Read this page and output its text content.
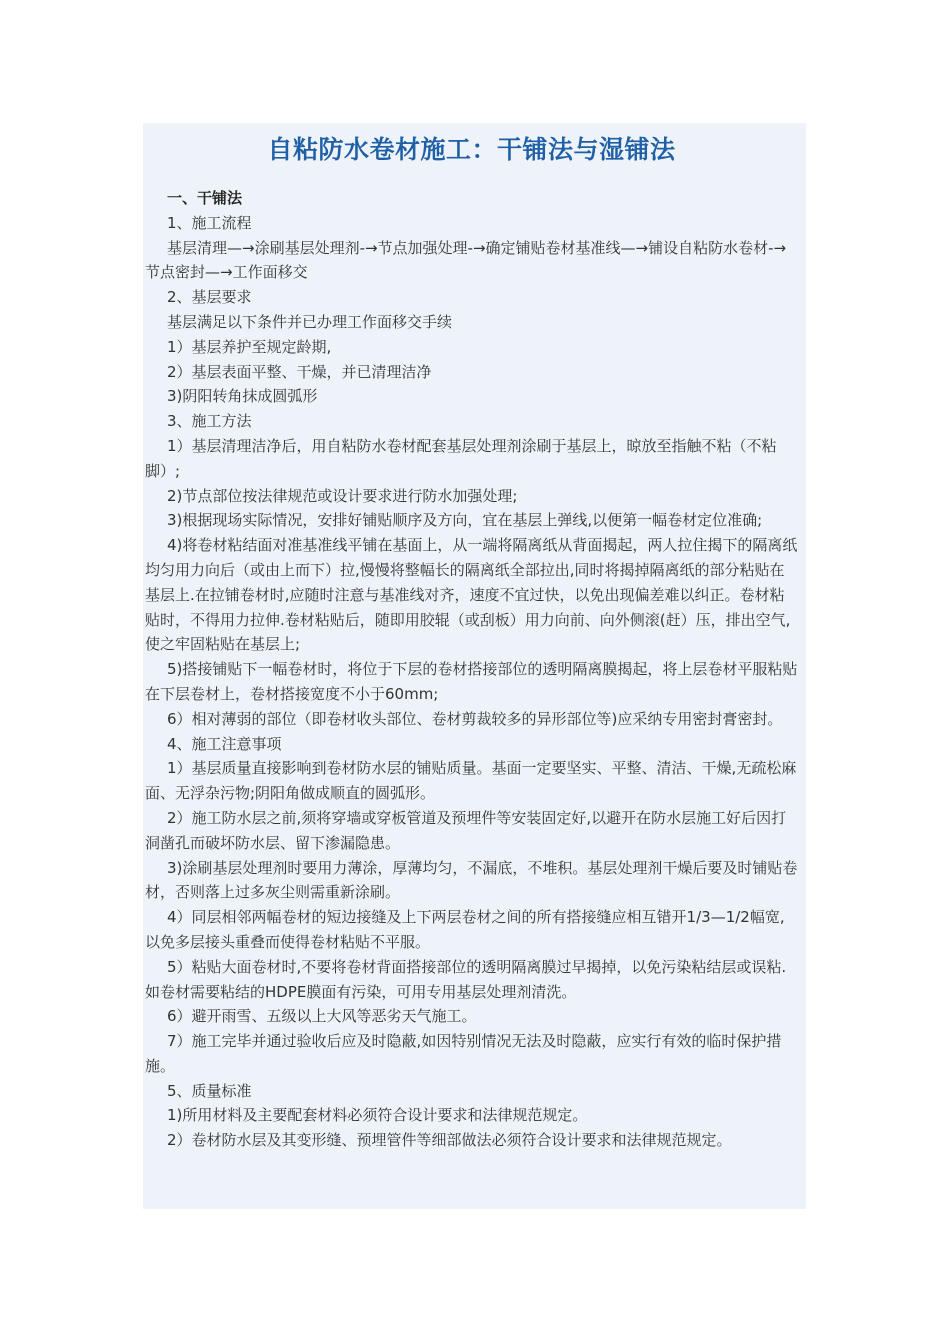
自粘防水卷材施工：干铺法与湿铺法

一、干铺法

1、施工流程

基层清理—→涂刷基层处理剂-→节点加强处理-→确定铺贴卷材基准线—→铺设自粘防水卷材-→节点密封—→工作面移交

2、基层要求

基层满足以下条件并已办理工作面移交手续

1）基层养护至规定龄期,

2）基层表面平整、干燥，并已清理洁净

3)阴阳转角抹成圆弧形

3、施工方法

1）基层清理洁净后，用自粘防水卷材配套基层处理剂涂刷于基层上，晾放至指触不粘（不粘脚）;

2)节点部位按法律规范或设计要求进行防水加强处理;

3)根据现场实际情况，安排好铺贴顺序及方向，宜在基层上弹线,以便第一幅卷材定位准确;

4)将卷材粘结面对准基准线平铺在基面上，从一端将隔离纸从背面揭起，两人拉住揭下的隔离纸均匀用力向后（或由上而下）拉,慢慢将整幅长的隔离纸全部拉出,同时将揭掉隔离纸的部分粘贴在基层上.在拉铺卷材时,应随时注意与基准线对齐，速度不宜过快，以免出现偏差难以纠正。卷材粘贴时，不得用力拉伸.卷材粘贴后，随即用胶辊（或刮板）用力向前、向外侧滚(赶）压，排出空气,使之牢固粘贴在基层上;

5)搭接铺贴下一幅卷材时，将位于下层的卷材搭接部位的透明隔离膜揭起，将上层卷材平服粘贴在下层卷材上，卷材搭接宽度不小于60mm;

6）相对薄弱的部位（即卷材收头部位、卷材剪裁较多的异形部位等)应采纳专用密封膏密封。

4、施工注意事项

1）基层质量直接影响到卷材防水层的铺贴质量。基面一定要坚实、平整、清洁、干燥,无疏松麻面、无浮杂污物;阴阳角做成顺直的圆弧形。

2）施工防水层之前,须将穿墙或穿板管道及预埋件等安装固定好,以避开在防水层施工好后因打洞凿孔而破坏防水层、留下渗漏隐患。

3)涂刷基层处理剂时要用力薄涂，厚薄均匀，不漏底，不堆积。基层处理剂干燥后要及时铺贴卷材，否则落上过多灰尘则需重新涂刷。

4）同层相邻两幅卷材的短边接缝及上下两层卷材之间的所有搭接缝应相互错开1/3—1/2幅宽,以免多层接头重叠而使得卷材粘贴不平服。

5）粘贴大面卷材时,不要将卷材背面搭接部位的透明隔离膜过早揭掉，以免污染粘结层或误粘.如卷材需要粘结的HDPE膜面有污染，可用专用基层处理剂清洗。

6）避开雨雪、五级以上大风等恶劣天气施工。

7）施工完毕并通过验收后应及时隐蔽,如因特别情况无法及时隐蔽，应实行有效的临时保护措施。

5、质量标准

1)所用材料及主要配套材料必须符合设计要求和法律规范规定。

2）卷材防水层及其变形缝、预埋管件等细部做法必须符合设计要求和法律规范规定。
